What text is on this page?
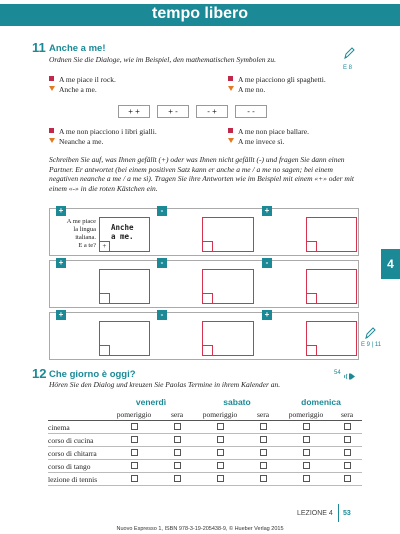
tempo libero
11 Anche a me!
Ordnen Sie die Dialoge, wie im Beispiel, den mathematischen Symbolen zu.
E 8
A me piace il rock.
Anche a me.
A me piacciono gli spaghetti.
A me no.
+ +	+ -	- +	- -
A me non piacciono i libri gialli.
Neanche a me.
A me non piace ballare.
A me invece sì.
Schreiben Sie auf, was Ihnen gefällt (+) oder was Ihnen nicht gefällt (-) und fragen Sie dann einen Partner. Er antwortet (bei einem positiven Satz kann er anche a me / a me no sagen; bei einem negativen neanche a me / a me sì). Tragen Sie ihre Antworten wie im Beispiel mit einem «+» oder mit einem «-» in die roten Kästchen ein.
+
A me piace
la lingua italiana.
E a te?
Anche
a me.
+
-	+
+	-	-
+	-	+
4
E 9 | 11
12 Che giorno è oggi?
Hören Sie den Dialog und kreuzen Sie Paolas Termine in ihrem Kalender an.
54
	venerdì		sabato		domenica	
	pomeriggio	sera	pomeriggio	sera	pomeriggio	sera
cinema						
corso di cucina						
corso di chitarra						
corso di tango						
lezione di tennis						
LEZIONE 4 53
Nuovo Espresso 1, ISBN 978-3-19-205438-9, © Hueber Verlag 2015
